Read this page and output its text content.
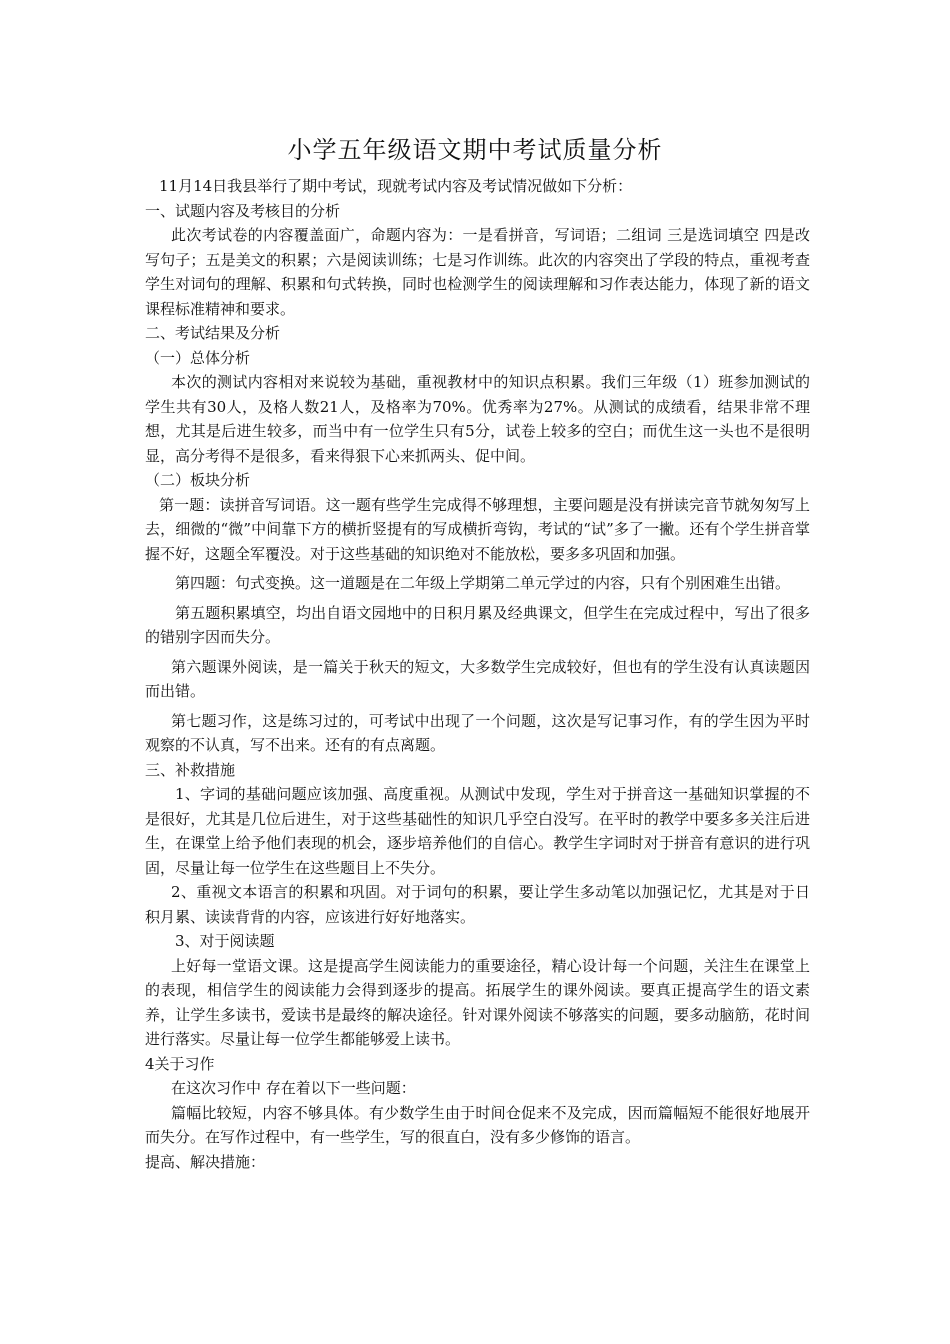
小学五年级语文期中考试质量分析

11月14日我县举行了期中考试，现就考试内容及考试情况做如下分析：

一、试题内容及考核目的分析

此次考试卷的内容覆盖面广，命题内容为：一是看拼音，写词语；二组词 三是选词填空 四是改写句子；五是美文的积累；六是阅读训练；七是习作训练。此次的内容突出了学段的特点，重视考查学生对词句的理解、积累和句式转换，同时也检测学生的阅读理解和习作表达能力，体现了新的语文课程标准精神和要求。

二、考试结果及分析

（一）总体分析

本次的测试内容相对来说较为基础，重视教材中的知识点积累。我们三年级（1）班参加测试的学生共有30人，及格人数21人，及格率为70%。优秀率为27%。从测试的成绩看，结果非常不理想，尤其是后进生较多，而当中有一位学生只有5分，试卷上较多的空白；而优生这一头也不是很明显，高分考得不是很多，看来得狠下心来抓两头、促中间。

（二）板块分析

第一题：读拼音写词语。这一题有些学生完成得不够理想，主要问题是没有拼读完音节就匆匆写上去，细微的“微”中间靠下方的横折竖提有的写成横折弯钩，考试的“试”多了一撇。还有个学生拼音掌握不好，这题全军覆没。对于这些基础的知识绝对不能放松，要多多巩固和加强。

第四题：句式变换。这一道题是在二年级上学期第二单元学过的内容，只有个别困难生出错。

第五题积累填空，均出自语文园地中的日积月累及经典课文，但学生在完成过程中，写出了很多的错别字因而失分。

第六题课外阅读，是一篇关于秋天的短文，大多数学生完成较好，但也有的学生没有认真读题因而出错。

第七题习作，这是练习过的，可考试中出现了一个问题，这次是写记事习作，有的学生因为平时观察的不认真，写不出来。还有的有点离题。

三、补救措施

1、字词的基础问题应该加强、高度重视。从测试中发现，学生对于拼音这一基础知识掌握的不是很好，尤其是几位后进生，对于这些基础性的知识几乎空白没写。在平时的教学中要多多关注后进生，在课堂上给予他们表现的机会，逐步培养他们的自信心。教学生字词时对于拼音有意识的进行巩固，尽量让每一位学生在这些题目上不失分。

2、重视文本语言的积累和巩固。对于词句的积累，要让学生多动笔以加强记忆，尤其是对于日积月累、读读背背的内容，应该进行好好地落实。

3、对于阅读题

上好每一堂语文课。这是提高学生阅读能力的重要途径，精心设计每一个问题，关注生在课堂上的表现，相信学生的阅读能力会得到逐步的提高。拓展学生的课外阅读。要真正提高学生的语文素养，让学生多读书，爱读书是最终的解决途径。针对课外阅读不够落实的问题，要多动脑筋，花时间进行落实。尽量让每一位学生都能够爱上读书。

4关于习作

在这次习作中 存在着以下一些问题：

篇幅比较短，内容不够具体。有少数学生由于时间仓促来不及完成，因而篇幅短不能很好地展开而失分。在写作过程中，有一些学生，写的很直白，没有多少修饰的语言。

提高、解决措施：
